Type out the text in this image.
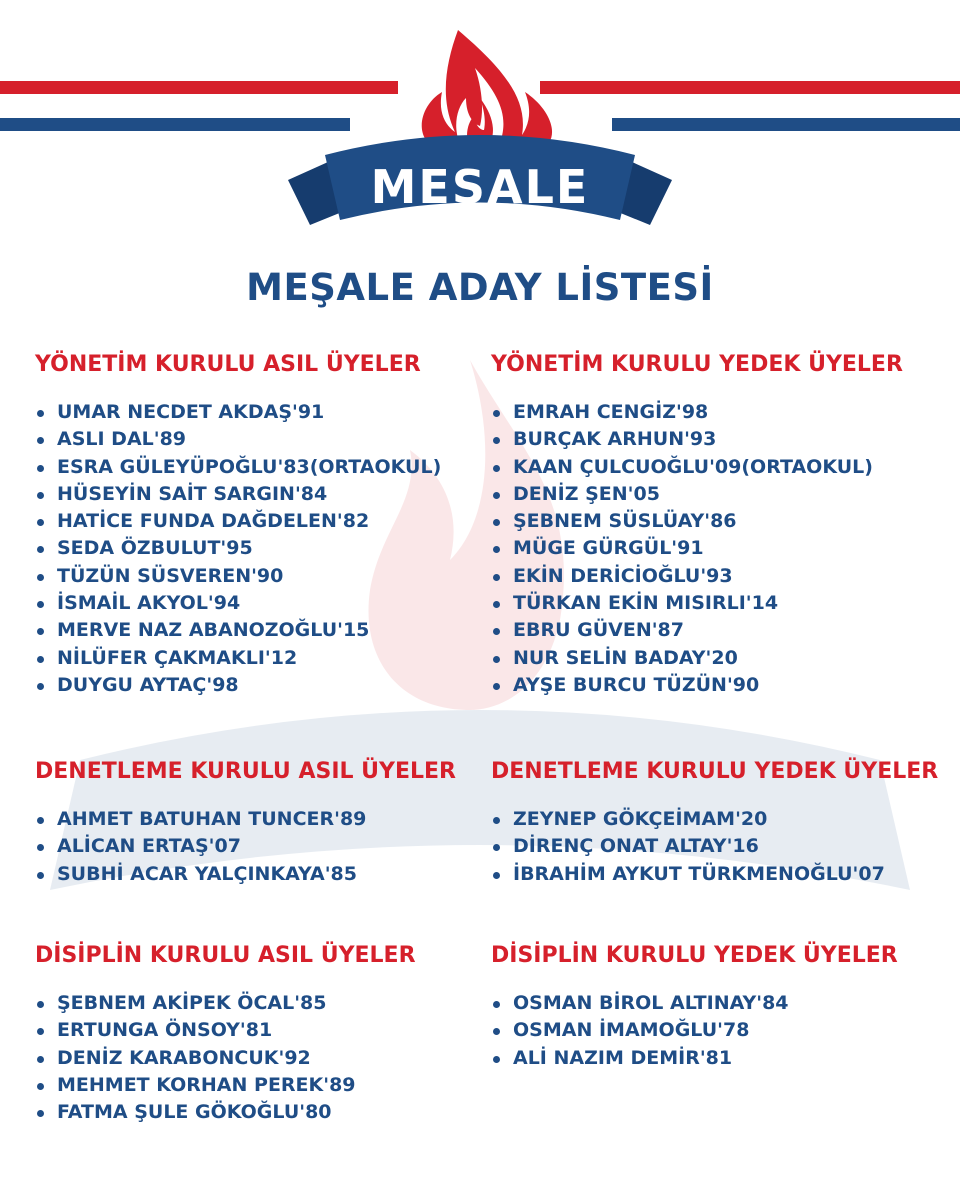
MEŞALE
MEŞALE ADAY LİSTESİ
YÖNETİM KURULU ASIL ÜYELER
UMAR NECDET AKDAŞ'91
ASLI DAL'89
ESRA GÜLEYÜPOĞLU'83(ORTAOKUL)
HÜSEYİN SAİT SARGIN'84
HATİCE FUNDA DAĞDELEN'82
SEDA ÖZBULUT'95
TÜZÜN SÜSVEREN'90
İSMAİL AKYOL'94
MERVE NAZ ABANOZOĞLU'15
NİLÜFER ÇAKMAKLI'12
DUYGU AYTAÇ'98
YÖNETİM KURULU YEDEK ÜYELER
EMRAH CENGİZ'98
BURÇAK ARHUN'93
KAAN ÇULCUOĞLU'09(ORTAOKUL)
DENİZ ŞEN'05
ŞEBNEM SÜSLÜAY'86
MÜGE GÜRGÜL'91
EKİN DERİCİOĞLU'93
TÜRKAN EKİN MISIRLI'14
EBRU GÜVEN'87
NUR SELİN BADAY'20
AYŞE BURCU TÜZÜN'90
DENETLEME KURULU ASIL ÜYELER
AHMET BATUHAN TUNCER'89
ALİCAN ERTAŞ'07
SUBHİ ACAR YALÇINKAYA'85
DENETLEME KURULU YEDEK ÜYELER
ZEYNEP GÖKÇEİMAM'20
DİRENÇ ONAT ALTAY'16
İBRAHİM AYKUT TÜRKMENOĞLU'07
DİSİPLİN KURULU ASIL ÜYELER
ŞEBNEM AKİPEK ÖCAL'85
ERTUNGA ÖNSOY'81
DENİZ KARABONCUK'92
MEHMET KORHAN PEREK'89
FATMA ŞULE GÖKOĞLU'80
DİSİPLİN KURULU YEDEK ÜYELER
OSMAN BİROL ALTINAY'84
OSMAN İMAMOĞLU'78
ALİ NAZIM DEMİR'81
